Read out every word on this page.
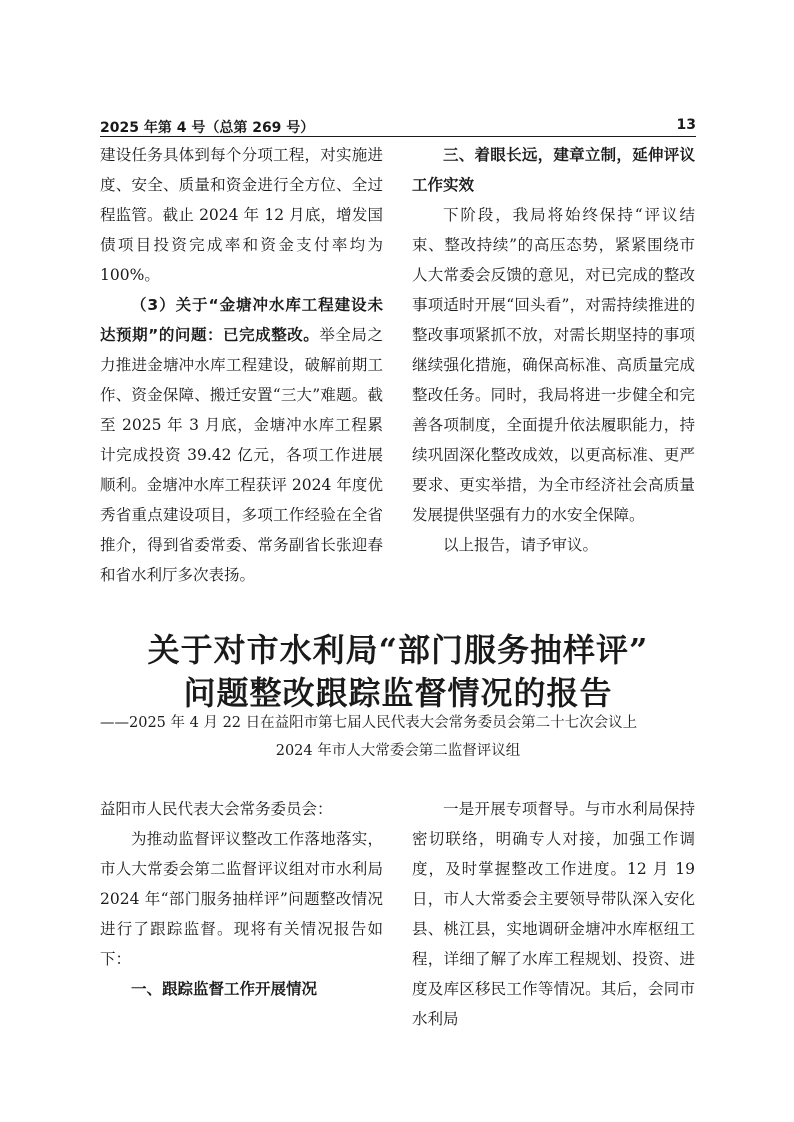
2025 年第 4 号（总第 269 号）	13

建设任务具体到每个分项工程，对实施进度、安全、质量和资金进行全方位、全过程监管。截止 2024 年 12 月底，增发国债项目投资完成率和资金支付率均为 100%。

（3）关于“金塘冲水库工程建设未达预期”的问题：已完成整改。举全局之力推进金塘冲水库工程建设，破解前期工作、资金保障、搬迁安置“三大”难题。截至 2025 年 3 月底，金塘冲水库工程累计完成投资 39.42 亿元，各项工作进展顺利。金塘冲水库工程获评 2024 年度优秀省重点建设项目，多项工作经验在全省推介，得到省委常委、常务副省长张迎春和省水利厅多次表扬。

三、着眼长远，建章立制，延伸评议工作实效

下阶段，我局将始终保持“评议结束、整改持续”的高压态势，紧紧围绕市人大常委会反馈的意见，对已完成的整改事项适时开展“回头看”，对需持续推进的整改事项紧抓不放，对需长期坚持的事项继续强化措施，确保高标准、高质量完成整改任务。同时，我局将进一步健全和完善各项制度，全面提升依法履职能力，持续巩固深化整改成效，以更高标准、更严要求、更实举措，为全市经济社会高质量发展提供坚强有力的水安全保障。

以上报告，请予审议。

关于对市水利局“部门服务抽样评”
问题整改跟踪监督情况的报告
——2025 年 4 月 22 日在益阳市第七届人民代表大会常务委员会第二十七次会议上
2024 年市人大常委会第二监督评议组

益阳市人民代表大会常务委员会：

为推动监督评议整改工作落地落实，市人大常委会第二监督评议组对市水利局 2024 年“部门服务抽样评”问题整改情况进行了跟踪监督。现将有关情况报告如下：

一、跟踪监督工作开展情况

一是开展专项督导。与市水利局保持密切联络，明确专人对接，加强工作调度，及时掌握整改工作进度。12 月 19 日，市人大常委会主要领导带队深入安化县、桃江县，实地调研金塘冲水库枢纽工程，详细了解了水库工程规划、投资、进度及库区移民工作等情况。其后，会同市水利局
